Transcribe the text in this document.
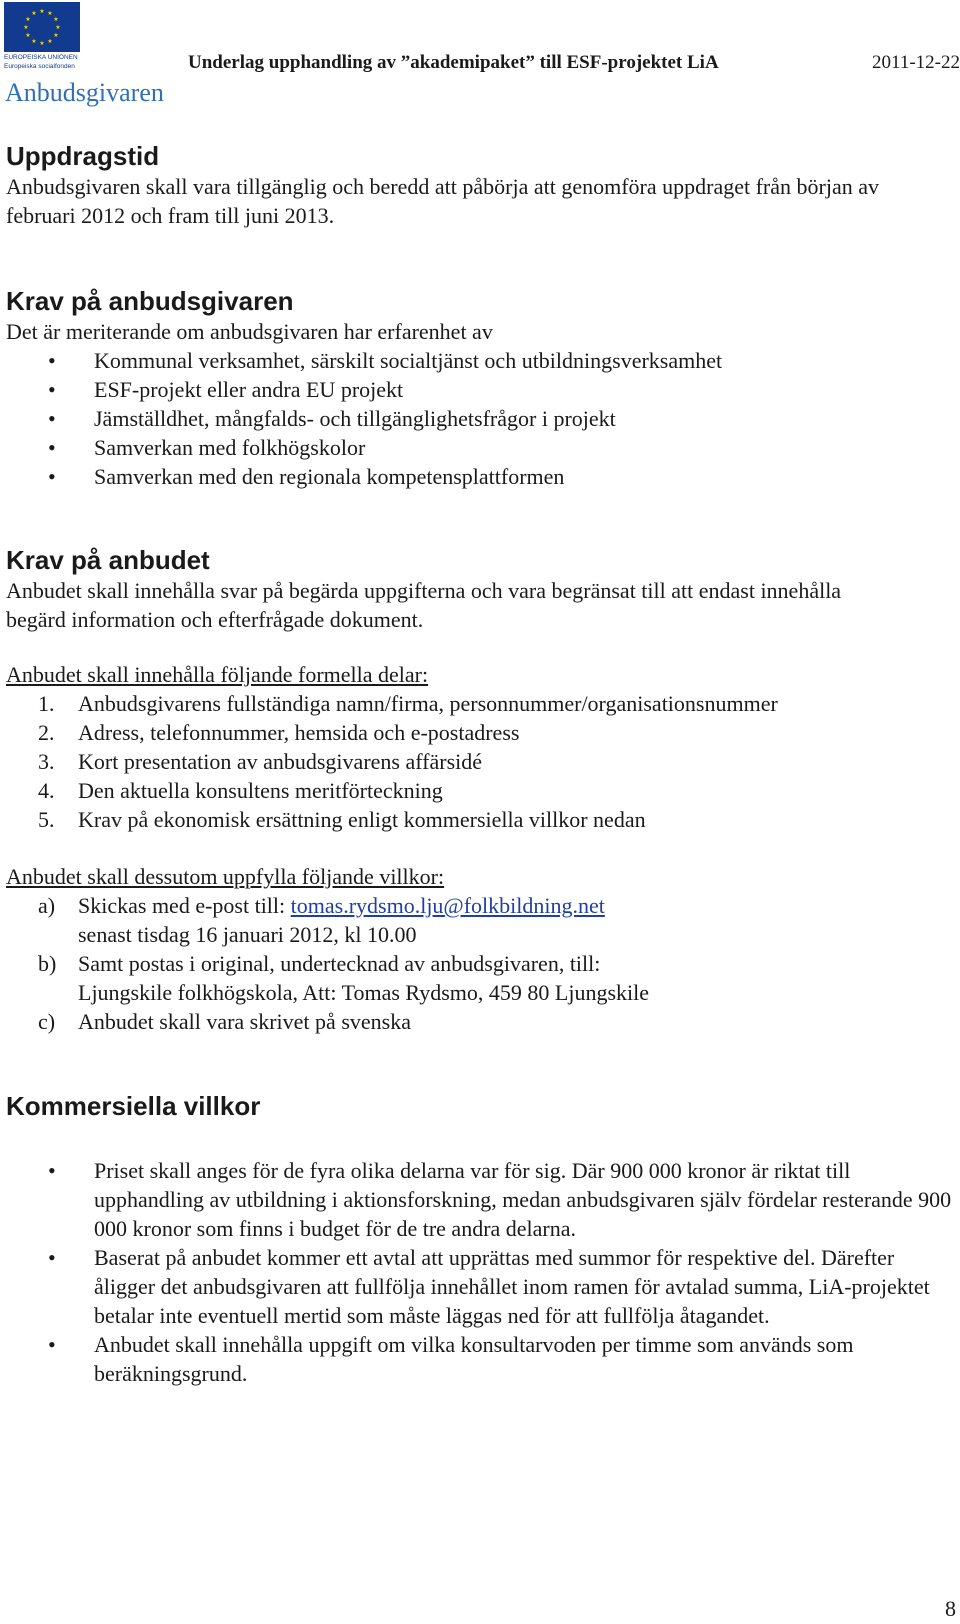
★ ★
★
★
★
★
★
★
★
★
★
★
EUROPEISKA UNIONEN
Europeiska socialfonden
Anbudsgivaren
Underlag upphandling av ”akademipaket” till ESF-projektet LiA	2011-12-22
Uppdragstid

Anbudsgivaren skall vara tillgänglig och beredd att påbörja att genomföra uppdraget från början av februari 2012 och fram till juni 2013.

Krav på anbudsgivaren

Det är meriterande om anbudsgivaren har erfarenhet av

• Kommunal verksamhet, särskilt socialtjänst och utbildningsverksamhet
• ESF-projekt eller andra EU projekt
• Jämställdhet, mångfalds- och tillgänglighetsfrågor i projekt
• Samverkan med folkhögskolor
• Samverkan med den regionala kompetensplattformen
Krav på anbudet

Anbudet skall innehålla svar på begärda uppgifterna och vara begränsat till att endast innehålla begärd information och efterfrågade dokument.

Anbudet skall innehålla följande formella delar:

1. Anbudsgivarens fullständiga namn/firma, personnummer/organisationsnummer
2. Adress, telefonnummer, hemsida och e-postadress
3. Kort presentation av anbudsgivarens affärsidé
4. Den aktuella konsultens meritförteckning
5. Krav på ekonomisk ersättning enligt kommersiella villkor nedan

Anbudet skall dessutom uppfylla följande villkor:

a) Skickas med e-post till: tomas.rydsmo.lju@folkbildning.net
senast tisdag 16 januari 2012, kl 10.00
b) Samt postas i original, undertecknad av anbudsgivaren, till:
Ljungskile folkhögskola, Att: Tomas Rydsmo, 459 80 Ljungskile
c) Anbudet skall vara skrivet på svenska
Kommersiella villkor
• Priset skall anges för de fyra olika delarna var för sig. Där 900 000 kronor är riktat till upphandling av utbildning i aktionsforskning, medan anbudsgivaren själv fördelar resterande 900 000 kronor som finns i budget för de tre andra delarna.
• Baserat på anbudet kommer ett avtal att upprättas med summor för respektive del. Därefter åligger det anbudsgivaren att fullfölja innehållet inom ramen för avtalad summa, LiA-projektet betalar inte eventuell mertid som måste läggas ned för att fullfölja åtagandet.
• Anbudet skall innehålla uppgift om vilka konsultarvoden per timme som används som beräkningsgrund.
8
